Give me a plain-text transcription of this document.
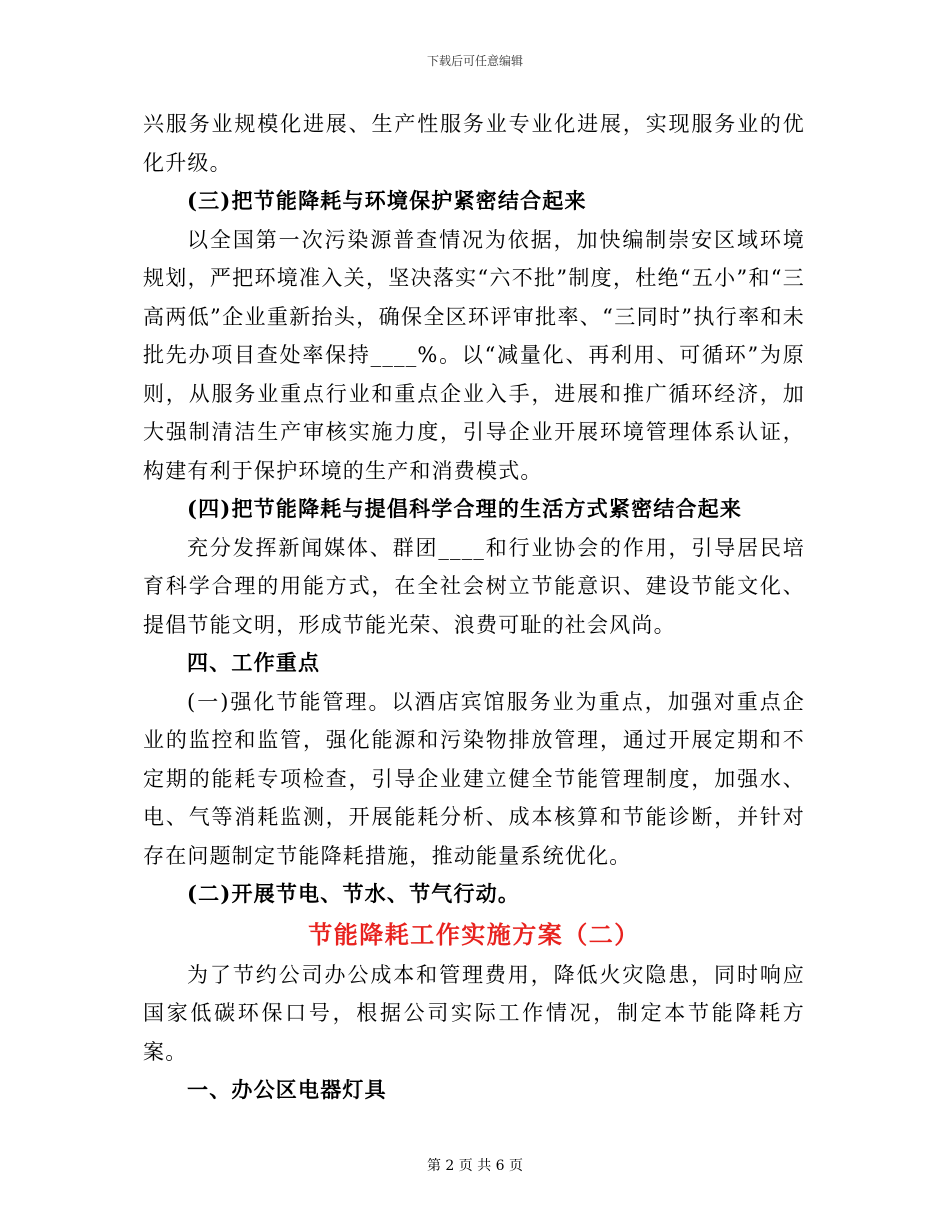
下载后可任意编辑

兴服务业规模化进展、生产性服务业专业化进展，实现服务业的优化升级。

(三)把节能降耗与环境保护紧密结合起来

以全国第一次污染源普查情况为依据，加快编制崇安区域环境规划，严把环境准入关，坚决落实“六不批”制度，杜绝“五小”和“三高两低”企业重新抬头，确保全区环评审批率、“三同时”执行率和未批先办项目查处率保持____%。以“减量化、再利用、可循环”为原则，从服务业重点行业和重点企业入手，进展和推广循环经济，加大强制清洁生产审核实施力度，引导企业开展环境管理体系认证，构建有利于保护环境的生产和消费模式。

(四)把节能降耗与提倡科学合理的生活方式紧密结合起来

充分发挥新闻媒体、群团____和行业协会的作用，引导居民培育科学合理的用能方式，在全社会树立节能意识、建设节能文化、提倡节能文明，形成节能光荣、浪费可耻的社会风尚。

四、工作重点

(一)强化节能管理。以酒店宾馆服务业为重点，加强对重点企业的监控和监管，强化能源和污染物排放管理，通过开展定期和不定期的能耗专项检查，引导企业建立健全节能管理制度，加强水、电、气等消耗监测，开展能耗分析、成本核算和节能诊断，并针对存在问题制定节能降耗措施，推动能量系统优化。

(二)开展节电、节水、节气行动。

节能降耗工作实施方案（二）

为了节约公司办公成本和管理费用，降低火灾隐患，同时响应国家低碳环保口号，根据公司实际工作情况，制定本节能降耗方案。

一、办公区电器灯具

第 2 页 共 6 页
